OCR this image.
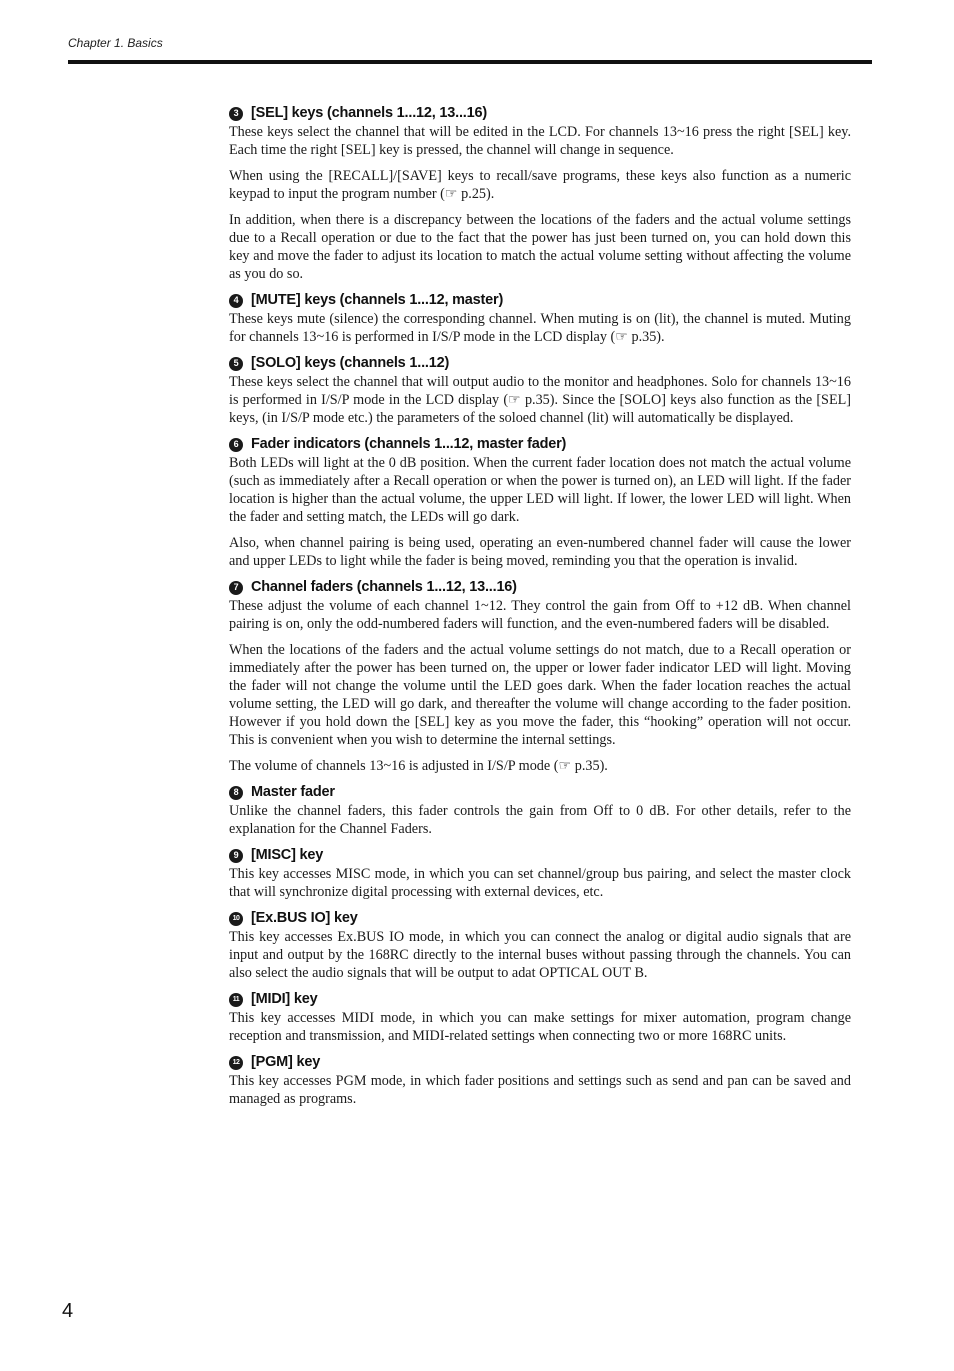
Chapter 1. Basics
3 [SEL] keys (channels 1...12, 13...16)

These keys select the channel that will be edited in the LCD. For channels 13~16 press the right [SEL] key. Each time the right [SEL] key is pressed, the channel will change in sequence.

When using the [RECALL]/[SAVE] keys to recall/save programs, these keys also function as a numeric keypad to input the program number (☞ p.25).

In addition, when there is a discrepancy between the locations of the faders and the actual volume settings due to a Recall operation or due to the fact that the power has just been turned on, you can hold down this key and move the fader to adjust its location to match the actual volume setting without affecting the volume as you do so.

4 [MUTE] keys (channels 1...12, master)

These keys mute (silence) the corresponding channel. When muting is on (lit), the channel is muted. Muting for channels 13~16 is performed in I/S/P mode in the LCD display (☞ p.35).

5 [SOLO] keys (channels 1...12)

These keys select the channel that will output audio to the monitor and headphones. Solo for channels 13~16 is performed in I/S/P mode in the LCD display (☞ p.35). Since the [SOLO] keys also function as the [SEL] keys, (in I/S/P mode etc.) the parameters of the soloed channel (lit) will automatically be displayed.

6 Fader indicators (channels 1...12, master fader)

Both LEDs will light at the 0 dB position. When the current fader location does not match the actual volume (such as immediately after a Recall operation or when the power is turned on), an LED will light. If the fader location is higher than the actual volume, the upper LED will light. If lower, the lower LED will light. When the fader and setting match, the LEDs will go dark.

Also, when channel pairing is being used, operating an even-numbered channel fader will cause the lower and upper LEDs to light while the fader is being moved, reminding you that the operation is invalid.

7 Channel faders (channels 1...12, 13...16)

These adjust the volume of each channel 1~12. They control the gain from Off to +12 dB. When channel pairing is on, only the odd-numbered faders will function, and the even-numbered faders will be disabled.

When the locations of the faders and the actual volume settings do not match, due to a Recall operation or immediately after the power has been turned on, the upper or lower fader indicator LED will light. Moving the fader will not change the volume until the LED goes dark. When the fader location reaches the actual volume setting, the LED will go dark, and thereafter the volume will change according to the fader position. However if you hold down the [SEL] key as you move the fader, this “hooking” operation will not occur. This is convenient when you wish to determine the internal settings.

The volume of channels 13~16 is adjusted in I/S/P mode (☞ p.35).

8 Master fader

Unlike the channel faders, this fader controls the gain from Off to 0 dB. For other details, refer to the explanation for the Channel Faders.

9 [MISC] key

This key accesses MISC mode, in which you can set channel/group bus pairing, and select the master clock that will synchronize digital processing with external devices, etc.

10 [Ex.BUS IO] key

This key accesses Ex.BUS IO mode, in which you can connect the analog or digital audio signals that are input and output by the 168RC directly to the internal buses without passing through the channels. You can also select the audio signals that will be output to adat OPTICAL OUT B.

11 [MIDI] key

This key accesses MIDI mode, in which you can make settings for mixer automation, program change reception and transmission, and MIDI-related settings when connecting two or more 168RC units.

12 [PGM] key

This key accesses PGM mode, in which fader positions and settings such as send and pan can be saved and managed as programs.

4
